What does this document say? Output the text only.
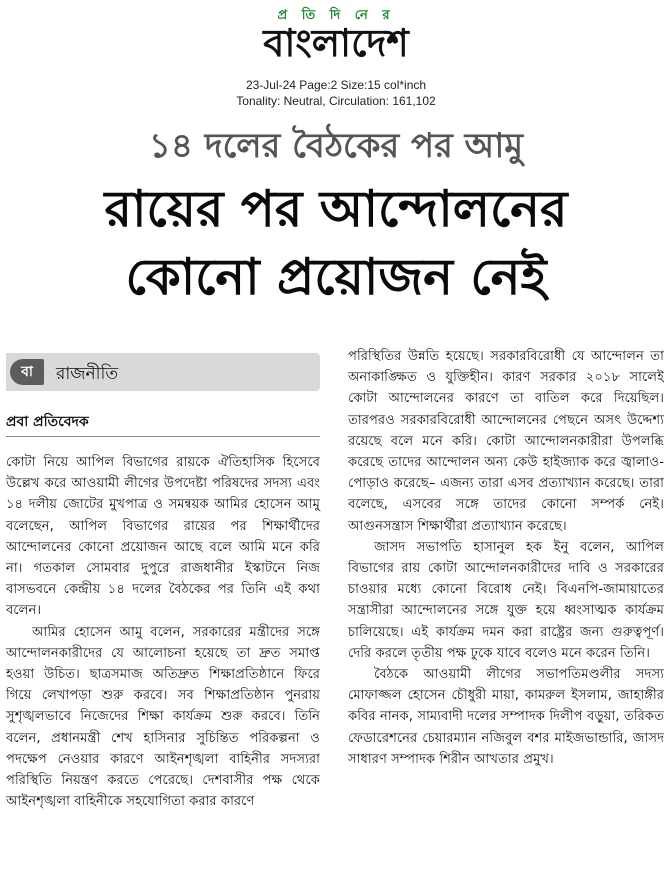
প্র তি দি নে র
বাংলাদেশ
23-Jul-24 Page:2 Size:15 col*inch
Tonality: Neutral, Circulation: 161,102
১৪ দলের বৈঠকের পর আমু
রায়ের পর আন্দোলনের
কোনো প্রয়োজন নেই
বা	রাজনীতি
প্রবা প্রতিবেদক

কোটা নিয়ে আপিল বিভাগের রায়কে ঐতিহাসিক হিসেবে উল্লেখ করে আওয়ামী লীগের উপদেষ্টা পরিষদের সদস্য এবং ১৪ দলীয় জোটের মুখপাত্র ও সমন্বয়ক আমির হোসেন আমু বলেছেন, আপিল বিভাগের রায়ের পর শিক্ষার্থীদের আন্দোলনের কোনো প্রয়োজন আছে বলে আমি মনে করি না। গতকাল সোমবার দুপুরে রাজধানীর ইস্কাটনে নিজ বাসভবনে কেন্দ্রীয় ১৪ দলের বৈঠকের পর তিনি এই কথা বলেন।

আমির হোসেন আমু বলেন, সরকারের মন্ত্রীদের সঙ্গে আন্দোলনকারীদের যে আলোচনা হয়েছে তা দ্রুত সমাপ্ত হওয়া উচিত। ছাত্রসমাজ অতিদ্রুত শিক্ষাপ্রতিষ্ঠানে ফিরে গিয়ে লেখাপড়া শুরু করবে। সব শিক্ষাপ্রতিষ্ঠান পুনরায় সুশৃঙ্খলভাবে নিজেদের শিক্ষা কার্যক্রম শুরু করবে। তিনি বলেন, প্রধানমন্ত্রী শেখ হাসিনার সুচিন্তিত পরিকল্পনা ও পদক্ষেপ নেওয়ার কারণে আইনশৃঙ্খলা বাহিনীর সদস্যরা পরিস্থিতি নিয়ন্ত্রণ করতে পেরেছে। দেশবাসীর পক্ষ থেকে আইনশৃঙ্খলা বাহিনীকে সহযোগিতা করার কারণে

পরিস্থিতির উন্নতি হয়েছে। সরকারবিরোধী যে আন্দোলন তা অনাকাঙ্ক্ষিত ও যুক্তিহীন। কারণ সরকার ২০১৮ সালেই কোটা আন্দোলনের কারণে তা বাতিল করে দিয়েছিল। তারপরও সরকারবিরোধী আন্দোলনের পেছনে অসৎ উদ্দেশ্য রয়েছে বলে মনে করি। কোটা আন্দোলনকারীরা উপলব্ধি করেছে তাদের আন্দোলন অন্য কেউ হাইজ্যাক করে জ্বালাও-পোড়াও করেছে– এজন্য তারা এসব প্রত্যাখ্যান করেছে। তারা বলেছে, এসবের সঙ্গে তাদের কোনো সম্পর্ক নেই। আগুনসন্ত্রাস শিক্ষার্থীরা প্রত্যাখ্যান করেছে।

জাসদ সভাপতি হাসানুল হক ইনু বলেন, আপিল বিভাগের রায় কোটা আন্দোলনকারীদের দাবি ও সরকারের চাওয়ার মধ্যে কোনো বিরোধ নেই। বিএনপি-জামায়াতের সন্ত্রাসীরা আন্দোলনের সঙ্গে যুক্ত হয়ে ধ্বংসাত্মক কার্যক্রম চালিয়েছে। এই কার্যক্রম দমন করা রাষ্ট্রের জন্য গুরুত্বপূর্ণ। দেরি করলে তৃতীয় পক্ষ ঢুকে যাবে বলেও মনে করেন তিনি।

বৈঠকে আওয়ামী লীগের সভাপতিমণ্ডলীর সদস্য মোফাজ্জল হোসেন চৌধুরী মায়া, কামরুল ইসলাম, জাহাঙ্গীর কবির নানক, সাম্যবাদী দলের সম্পাদক দিলীপ বড়ুয়া, তরিকত ফেডারেশনের চেয়ারম্যান নজিবুল বশর মাইজভান্ডারি, জাসদ সাধারণ সম্পাদক শিরীন আখতার প্রমুখ।
